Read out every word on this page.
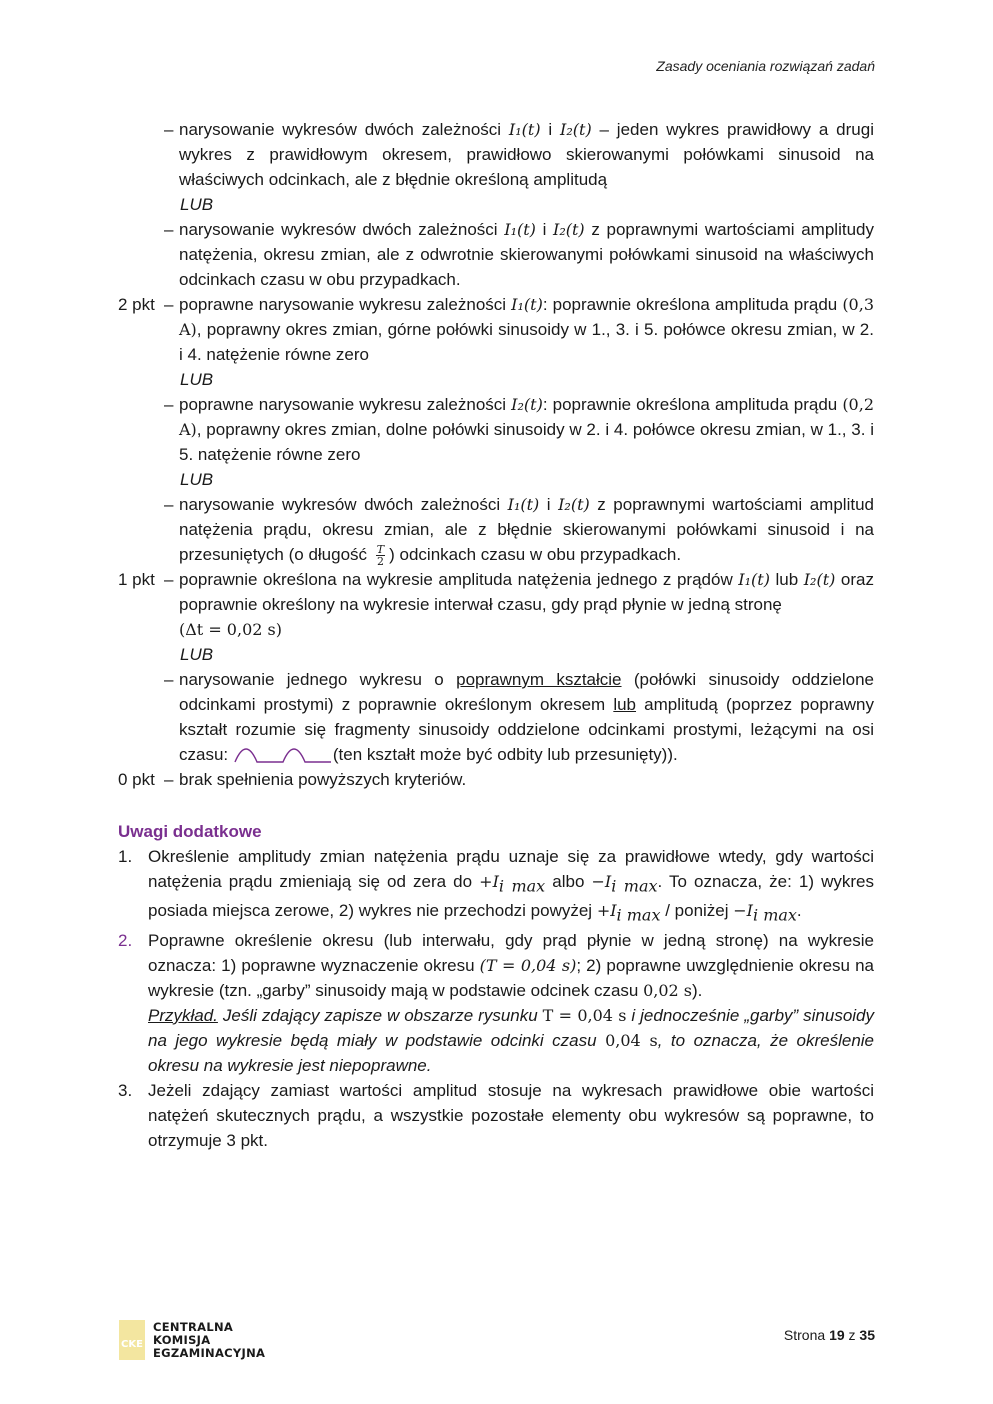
Zasady oceniania rozwiązań zadań

– narysowanie wykresów dwóch zależności I₁(t) i I₂(t) – jeden wykres prawidłowy a drugi wykres z prawidłowym okresem, prawidłowo skierowanymi połówkami sinusoid na właściwych odcinkach, ale z błędnie określoną amplitudą

LUB

– narysowanie wykresów dwóch zależności I₁(t) i I₂(t) z poprawnymi wartościami amplitudy natężenia, okresu zmian, ale z odwrotnie skierowanymi połówkami sinusoid na właściwych odcinkach czasu w obu przypadkach.

2 pkt – poprawne narysowanie wykresu zależności I₁(t): poprawnie określona amplituda prądu (0,3 A), poprawny okres zmian, górne połówki sinusoidy w 1., 3. i 5. połówce okresu zmian, w 2. i 4. natężenie równe zero

LUB

– poprawne narysowanie wykresu zależności I₂(t): poprawnie określona amplituda prądu (0,2 A), poprawny okres zmian, dolne połówki sinusoidy w 2. i 4. połówce okresu zmian, w 1., 3. i 5. natężenie równe zero

LUB

– narysowanie wykresów dwóch zależności I₁(t) i I₂(t) z poprawnymi wartościami amplitud natężenia prądu, okresu zmian, ale z błędnie skierowanymi połówkami sinusoid i na przesuniętych (o długość $\frac{T}{2}$ ) odcinkach czasu w obu przypadkach.

1 pkt – poprawnie określona na wykresie amplituda natężenia jednego z prądów I₁(t) lub I₂(t) oraz poprawnie określony na wykresie interwał czasu, gdy prąd płynie w jedną stronę
(Δt = 0,02 s)

LUB

– narysowanie jednego wykresu o poprawnym kształcie (połówki sinusoidy oddzielone odcinkami prostymi) z poprawnie określonym okresem lub amplitudą (poprzez poprawny kształt rozumie się fragmenty sinusoidy oddzielone odcinkami prostymi, leżącymi na osi czasu:	(ten kształt może być odbity lub przesunięty)).

0 pkt – brak spełnienia powyższych kryteriów.

Uwagi dodatkowe
1. Określenie amplitudy zmian natężenia prądu uznaje się za prawidłowe wtedy, gdy wartości natężenia prądu zmieniają się od zera do $+I_{i max}$ albo $-I_{i max}$. To oznacza, że: 1) wykres posiada miejsca zerowe, 2) wykres nie przechodzi powyżej $+I_{i max}$ / poniżej $-I_{i max}$.
2. Poprawne określenie okresu (lub interwału, gdy prąd płynie w jedną stronę) na wykresie oznacza: 1) poprawne wyznaczenie okresu (T = 0,04 s); 2) poprawne uwzględnienie okresu na wykresie (tzn. „garby” sinusoidy mają w podstawie odcinek czasu 0,02 s).
Przykład. Jeśli zdający zapisze w obszarze rysunku T = 0,04 s i jednocześnie „garby” sinusoidy na jego wykresie będą miały w podstawie odcinki czasu 0,04 s, to oznacza, że określenie okresu na wykresie jest niepoprawne.
3. Jeżeli zdający zamiast wartości amplitud stosuje na wykresach prawidłowe obie wartości natężeń skutecznych prądu, a wszystkie pozostałe elementy obu wykresów są poprawne, to otrzymuje 3 pkt.
CKE
CENTRALNA
KOMISJA
EGZAMINACYJNA
Strona 19 z 35
